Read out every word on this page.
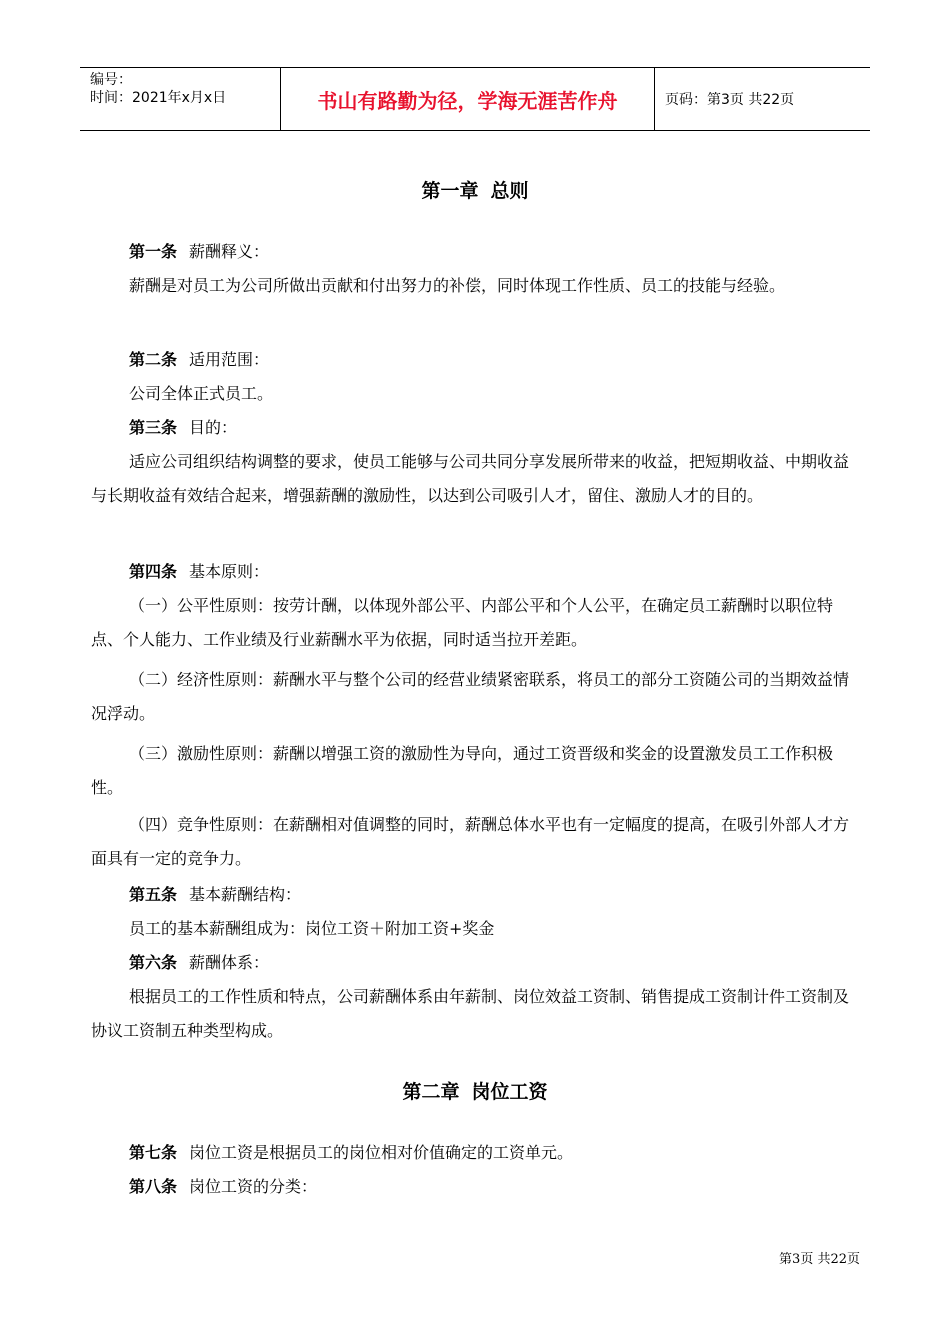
编号：
时间：2021年x月x日	书山有路勤为径，学海无涯苦作舟	页码：第3页 共22页
第一章 总则
第一条 薪酬释义：
薪酬是对员工为公司所做出贡献和付出努力的补偿，同时体现工作性质、员工的技能与经验。
第二条 适用范围：
公司全体正式员工。
第三条 目的：
适应公司组织结构调整的要求，使员工能够与公司共同分享发展所带来的收益，把短期收益、中期收益与长期收益有效结合起来，增强薪酬的激励性，以达到公司吸引人才，留住、激励人才的目的。
第四条 基本原则：
（一）公平性原则：按劳计酬，以体现外部公平、内部公平和个人公平，在确定员工薪酬时以职位特点、个人能力、工作业绩及行业薪酬水平为依据，同时适当拉开差距。
（二）经济性原则：薪酬水平与整个公司的经营业绩紧密联系，将员工的部分工资随公司的当期效益情况浮动。
（三）激励性原则：薪酬以增强工资的激励性为导向，通过工资晋级和奖金的设置激发员工工作积极性。
（四）竞争性原则：在薪酬相对值调整的同时，薪酬总体水平也有一定幅度的提高，在吸引外部人才方面具有一定的竞争力。
第五条 基本薪酬结构：
员工的基本薪酬组成为：岗位工资＋附加工资+奖金
第六条 薪酬体系：
根据员工的工作性质和特点，公司薪酬体系由年薪制、岗位效益工资制、销售提成工资制计件工资制及协议工资制五种类型构成。
第二章 岗位工资
第七条 岗位工资是根据员工的岗位相对价值确定的工资单元。
第八条 岗位工资的分类：
第3页 共22页
